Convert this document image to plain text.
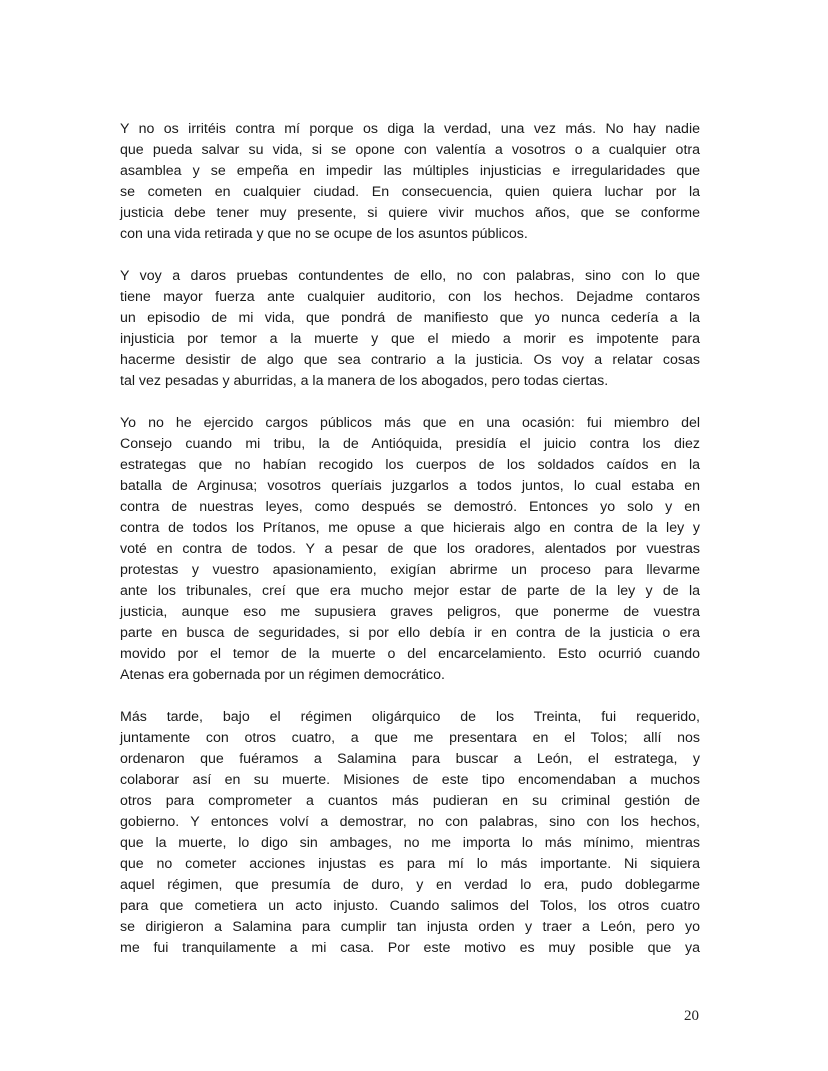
Y no os irritéis contra mí porque os diga la verdad, una vez más. No hay nadie
que pueda salvar su vida, si se opone con valentía a vosotros o a cualquier otra
asamblea y se empeña en impedir las múltiples injusticias e irregularidades que
se cometen en cualquier ciudad. En consecuencia, quien quiera luchar por la
justicia debe tener muy presente, si quiere vivir muchos años, que se conforme
con una vida retirada y que no se ocupe de los asuntos públicos.
Y voy a daros pruebas contundentes de ello, no con palabras, sino con lo que
tiene mayor fuerza ante cualquier auditorio, con los hechos. Dejadme contaros
un episodio de mi vida, que pondrá de manifiesto que yo nunca cedería a la
injusticia por temor a la muerte y que el miedo a morir es impotente para
hacerme desistir de algo que sea contrario a la justicia. Os voy a relatar cosas
tal vez pesadas y aburridas, a la manera de los abogados, pero todas ciertas.
Yo no he ejercido cargos públicos más que en una ocasión: fui miembro del
Consejo cuando mi tribu, la de Antióquida, presidía el juicio contra los diez
estrategas que no habían recogido los cuerpos de los soldados caídos en la
batalla de Arginusa; vosotros queríais juzgarlos a todos juntos, lo cual estaba en
contra de nuestras leyes, como después se demostró. Entonces yo solo y en
contra de todos los Prítanos, me opuse a que hicierais algo en contra de la ley y
voté en contra de todos. Y a pesar de que los oradores, alentados por vuestras
protestas y vuestro apasionamiento, exigían abrirme un proceso para llevarme
ante los tribunales, creí que era mucho mejor estar de parte de la ley y de la
justicia, aunque eso me supusiera graves peligros, que ponerme de vuestra
parte en busca de seguridades, si por ello debía ir en contra de la justicia o era
movido por el temor de la muerte o del encarcelamiento. Esto ocurrió cuando
Atenas era gobernada por un régimen democrático.
Más tarde, bajo el régimen oligárquico de los Treinta, fui requerido,
juntamente con otros cuatro, a que me presentara en el Tolos; allí nos
ordenaron que fuéramos a Salamina para buscar a León, el estratega, y
colaborar así en su muerte. Misiones de este tipo encomendaban a muchos
otros para comprometer a cuantos más pudieran en su criminal gestión de
gobierno. Y entonces volví a demostrar, no con palabras, sino con los hechos,
que la muerte, lo digo sin ambages, no me importa lo más mínimo, mientras
que no cometer acciones injustas es para mí lo más importante. Ni siquiera
aquel régimen, que presumía de duro, y en verdad lo era, pudo doblegarme
para que cometiera un acto injusto. Cuando salimos del Tolos, los otros cuatro
se dirigieron a Salamina para cumplir tan injusta orden y traer a León, pero yo
me fui tranquilamente a mi casa. Por este motivo es muy posible que ya
20
